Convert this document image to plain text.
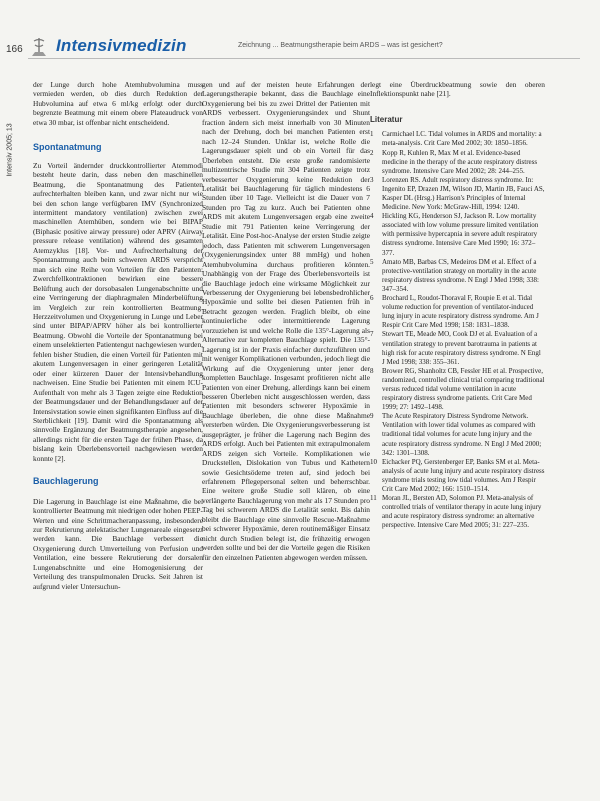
166 Intensivmedizin	Zeichnung ... Beatmungstherapie beim ARDS – was ist gesichert?
Intensiv 2005; 13

der Lunge durch hohe Atemhubvolumina muss vermieden werden, ob dies durch Reduktion der Hubvolumina auf etwa 6 ml/kg erfolgt oder durch begrenzte Beatmung mit einem obere Plateaudruck von etwa 30 mbar, ist offenbar nicht entscheidend.

Spontanatmung

Zu Vorteil ändernder druckkontrollierter Atemmodi besteht heute darin, dass neben den maschinellen Beatmung, die Spontanatmung des Patienten aufrechterhalten bleiben kann, und zwar nicht nur wie bei den schon lange verfügbaren IMV (Synchronized intermittent mandatory ventilation) zwischen zwei maschinellen Atemhüben, sondern wie bei BIPAP (Biphasic positive airway pressure) oder APRV (Airway pressure release ventilation) während des gesamten Atemzyklus [18]. Vor- und Aufrechterhaltung der Spontanatmung auch beim schweren ARDS verspricht man sich eine Reihe von Vorteilen für den Patienten: Zwerchfellkontraktionen bewirken eine bessere Belüftung auch der dorsobasalen Lungenabschnitte und eine Verringerung der diaphragmalen Minderbelüftung im Vergleich zur rein kontrollierten Beatmung. Herzzeitvolumen und Oxygenierung in Lunge und Leber sind unter BIPAP/APRV höher als bei kontrollierter Beatmung. Obwohl die Vorteile der Spontanatmung bei einem unselektierten Patientengut nachgewiesen wurden, fehlen bisher Studien, die einen Vorteil für Patienten mit akutem Lungenversagen in einer geringeren Letalität oder einer kürzeren Dauer der Intensivbehandlung nachweisen. Eine Studie bei Patienten mit einem ICU-Aufenthalt von mehr als 3 Tagen zeigte eine Reduktion der Beatmungsdauer und der Behandlungsdauer auf der Intensivstation sowie einen signifikanten Einfluss auf die Sterblichkeit [19]. Damit wird die Spontanatmung als sinnvolle Ergänzung der Beatmungstherapie angesehen, allerdings nicht für die ersten Tage der frühen Phase, da bislang kein Überlebensvorteil nachgewiesen werden konnte [2].

Bauchlagerung

Die Lagerung in Bauchlage ist eine Maßnahme, die bei kontrollierter Beatmung mit niedrigen oder hohen PEEP-Werten und eine Schrittmacheranpassung, insbesondere zur Rekrutierung atelektatischer Lungenareale eingesetzt werden kann. Die Bauchlage verbessert die Oxygenierung durch Umverteilung von Perfusion und Ventilation, eine bessere Rekrutierung der dorsalen Lungenabschnitte und eine Homogenisierung der Verteilung des transpulmonalen Drucks. Seit Jahren ist aufgrund vieler Untersuchun-

gen und auf der meisten heute Erfahrungen der Lagerungstherapie bekannt, dass die Bauchlage eine Oxygenierung bei bis zu zwei Drittel der Patienten mit ARDS verbessert. Oxygenierungsindex und Shunt fraction ändern sich meist innerhalb von 30 Minuten nach der Drehung, doch bei manchen Patienten erst nach 12–24 Stunden. Unklar ist, welche Rolle die Lagerungsdauer spielt und ob ein Vorteil für das Überleben entsteht. Die erste große randomisierte multizentrische Studie mit 304 Patienten zeigte trotz verbesserter Oxygenierung keine Reduktion der Letalität bei Bauchlagerung für täglich mindestens 6 Stunden über 10 Tage. Vielleicht ist die Dauer von 7 Stunden pro Tag zu kurz. Auch bei Patienten ohne ARDS mit akutem Lungenversagen ergab eine zweite Studie mit 791 Patienten keine Verringerung der Letalität. Eine Post-hoc-Analyse der ersten Studie zeigte jedoch, dass Patienten mit schwerem Lungenversagen (Oxygenierungsindex unter 88 mmHg) und hohen Atemhubvolumina durchaus profitieren könnten. Unabhängig von der Frage des Überlebensvorteils ist die Bauchlage jedoch eine wirksame Möglichkeit zur Verbesserung der Oxygenierung bei lebensbedrohlicher Hypoxämie und sollte bei diesen Patienten früh in Betracht gezogen werden. Fraglich bleibt, ob eine kontinuierliche oder intermittierende Lagerung vorzuziehen ist und welche Rolle die 135°-Lagerung als Alternative zur kompletten Bauchlage spielt. Die 135°-Lagerung ist in der Praxis einfacher durchzuführen und mit weniger Komplikationen verbunden, jedoch liegt die Wirkung auf die Oxygenierung unter jener der kompletten Bauchlage. Insgesamt profitieren nicht alle Patienten von einer Drehung, allerdings kann bei einem besseren Überleben nicht ausgeschlossen werden, dass Patienten mit besonders schwerer Hypoxämie in Bauchlage überleben, die ohne diese Maßnahme versterben würden. Die Oxygenierungsverbesserung ist ausgeprägter, je früher die Lagerung nach Beginn des ARDS erfolgt. Auch bei Patienten mit extrapulmonalem ARDS zeigen sich Vorteile. Komplikationen wie Druckstellen, Dislokation von Tubus und Kathetern sowie Gesichtsödeme treten auf, sind jedoch bei erfahrenem Pflegepersonal selten und beherrschbar. Eine weitere große Studie soll klären, ob eine verlängerte Bauchlagerung von mehr als 17 Stunden pro Tag bei schwerem ARDS die Letalität senkt. Bis dahin bleibt die Bauchlage eine sinnvolle Rescue-Maßnahme bei schwerer Hypoxämie, deren routinemäßiger Einsatz nicht durch Studien belegt ist, die frühzeitig erwogen werden sollte und bei der die Vorteile gegen die Risiken für den einzelnen Patienten abgewogen werden müssen.

legt eine Überdruckbeatmung sowie den oberen Inflektionspunkt nahe [21].

Literatur
1 Carmichael LC. Tidal volumes in ARDS and mortality: a meta-analysis. Crit Care Med 2002; 30: 1850–1856.
2 Kopp R, Kuhlen R, Max M et al. Evidence-based medicine in the therapy of the acute respiratory distress syndrome. Intensive Care Med 2002; 28: 244–255.
3 Lorenzen RS. Adult respiratory distress syndrome. In: Ingenito EP, Drazen JM, Wilson JD, Martin JB, Fauci AS, Kasper DL (Hrsg.) Harrison's Principles of Internal Medicine. New York: McGraw-Hill, 1994: 1240.
4 Hickling KG, Henderson SJ, Jackson R. Low mortality associated with low volume pressure limited ventilation with permissive hypercapnia in severe adult respiratory distress syndrome. Intensive Care Med 1990; 16: 372–377.
5 Amato MB, Barbas CS, Medeiros DM et al. Effect of a protective-ventilation strategy on mortality in the acute respiratory distress syndrome. N Engl J Med 1998; 338: 347–354.
6 Brochard L, Roudot-Thoraval F, Roupie E et al. Tidal volume reduction for prevention of ventilator-induced lung injury in acute respiratory distress syndrome. Am J Respir Crit Care Med 1998; 158: 1831–1838.
7 Stewart TE, Meade MO, Cook DJ et al. Evaluation of a ventilation strategy to prevent barotrauma in patients at high risk for acute respiratory distress syndrome. N Engl J Med 1998; 338: 355–361.
8 Brower RG, Shanholtz CB, Fessler HE et al. Prospective, randomized, controlled clinical trial comparing traditional versus reduced tidal volume ventilation in acute respiratory distress syndrome patients. Crit Care Med 1999; 27: 1492–1498.
9 The Acute Respiratory Distress Syndrome Network. Ventilation with lower tidal volumes as compared with traditional tidal volumes for acute lung injury and the acute respiratory distress syndrome. N Engl J Med 2000; 342: 1301–1308.
10 Eichacker PQ, Gerstenberger EP, Banks SM et al. Meta-analysis of acute lung injury and acute respiratory distress syndrome trials testing low tidal volumes. Am J Respir Crit Care Med 2002; 166: 1510–1514.
11 Moran JL, Bersten AD, Solomon PJ. Meta-analysis of controlled trials of ventilator therapy in acute lung injury and acute respiratory distress syndrome: an alternative perspective. Intensive Care Med 2005; 31: 227–235.
